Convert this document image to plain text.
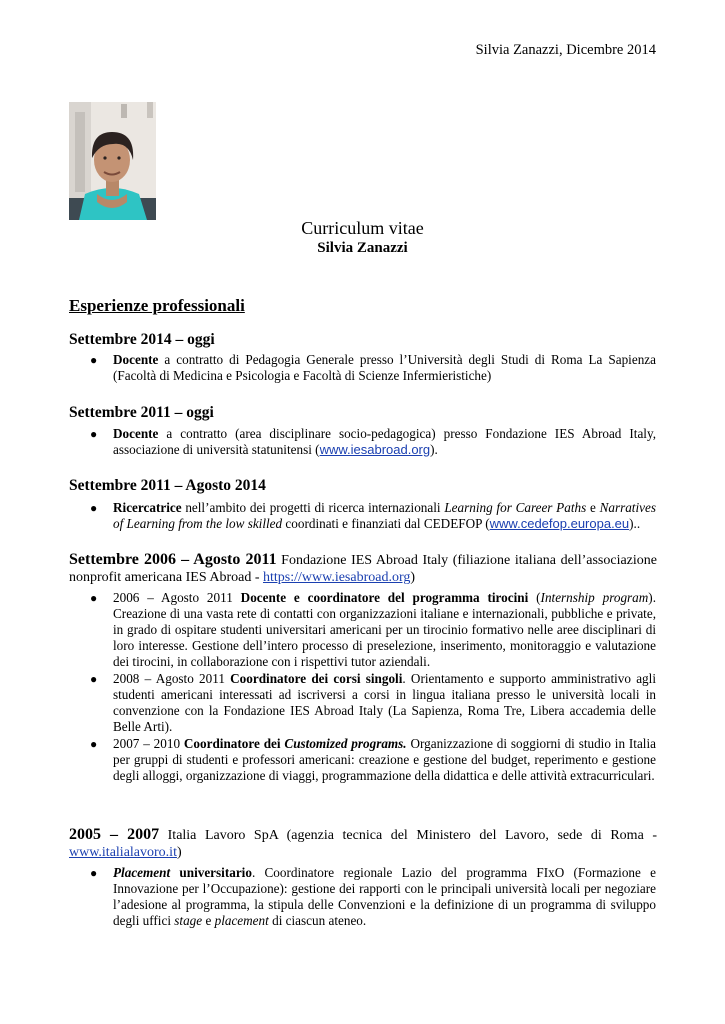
Silvia Zanazzi, Dicembre 2014
Curriculum vitae
Silvia Zanazzi
Esperienze professionali
Settembre 2014 – oggi
● Docente a contratto di Pedagogia Generale presso l’Università degli Studi di Roma La Sapienza (Facoltà di Medicina e Psicologia e Facoltà di Scienze Infermieristiche)
Settembre 2011 – oggi
● Docente a contratto (area disciplinare socio-pedagogica) presso Fondazione IES Abroad Italy, associazione di università statunitensi (www.iesabroad.org).
Settembre 2011 – Agosto 2014
● Ricercatrice nell’ambito dei progetti di ricerca internazionali Learning for Career Paths e Narratives of Learning from the low skilled coordinati e finanziati dal CEDEFOP (www.cedefop.europa.eu)..
Settembre 2006 – Agosto 2011 Fondazione IES Abroad Italy (filiazione italiana dell’associazione nonprofit americana IES Abroad - https://www.iesabroad.org)
● 2006 – Agosto 2011 Docente e coordinatore del programma tirocini (Internship program). Creazione di una vasta rete di contatti con organizzazioni italiane e internazionali, pubbliche e private, in grado di ospitare studenti universitari americani per un tirocinio formativo nelle aree disciplinari di loro interesse. Gestione dell’intero processo di preselezione, inserimento, monitoraggio e valutazione dei tirocini, in collaborazione con i rispettivi tutor aziendali.
● 2008 – Agosto 2011 Coordinatore dei corsi singoli. Orientamento e supporto amministrativo agli studenti americani interessati ad iscriversi a corsi in lingua italiana presso le università locali in convenzione con la Fondazione IES Abroad Italy (La Sapienza, Roma Tre, Libera accademia delle Belle Arti).
● 2007 – 2010 Coordinatore dei Customized programs. Organizzazione di soggiorni di studio in Italia per gruppi di studenti e professori americani: creazione e gestione del budget, reperimento e gestione degli alloggi, organizzazione di viaggi, programmazione della didattica e delle attività extracurriculari.
2005 – 2007 Italia Lavoro SpA (agenzia tecnica del Ministero del Lavoro, sede di Roma - www.italialavoro.it)
● Placement universitario. Coordinatore regionale Lazio del programma FIxO (Formazione e Innovazione per l’Occupazione): gestione dei rapporti con le principali università locali per negoziare l’adesione al programma, la stipula delle Convenzioni e la definizione di un programma di sviluppo degli uffici stage e placement di ciascun ateneo.
